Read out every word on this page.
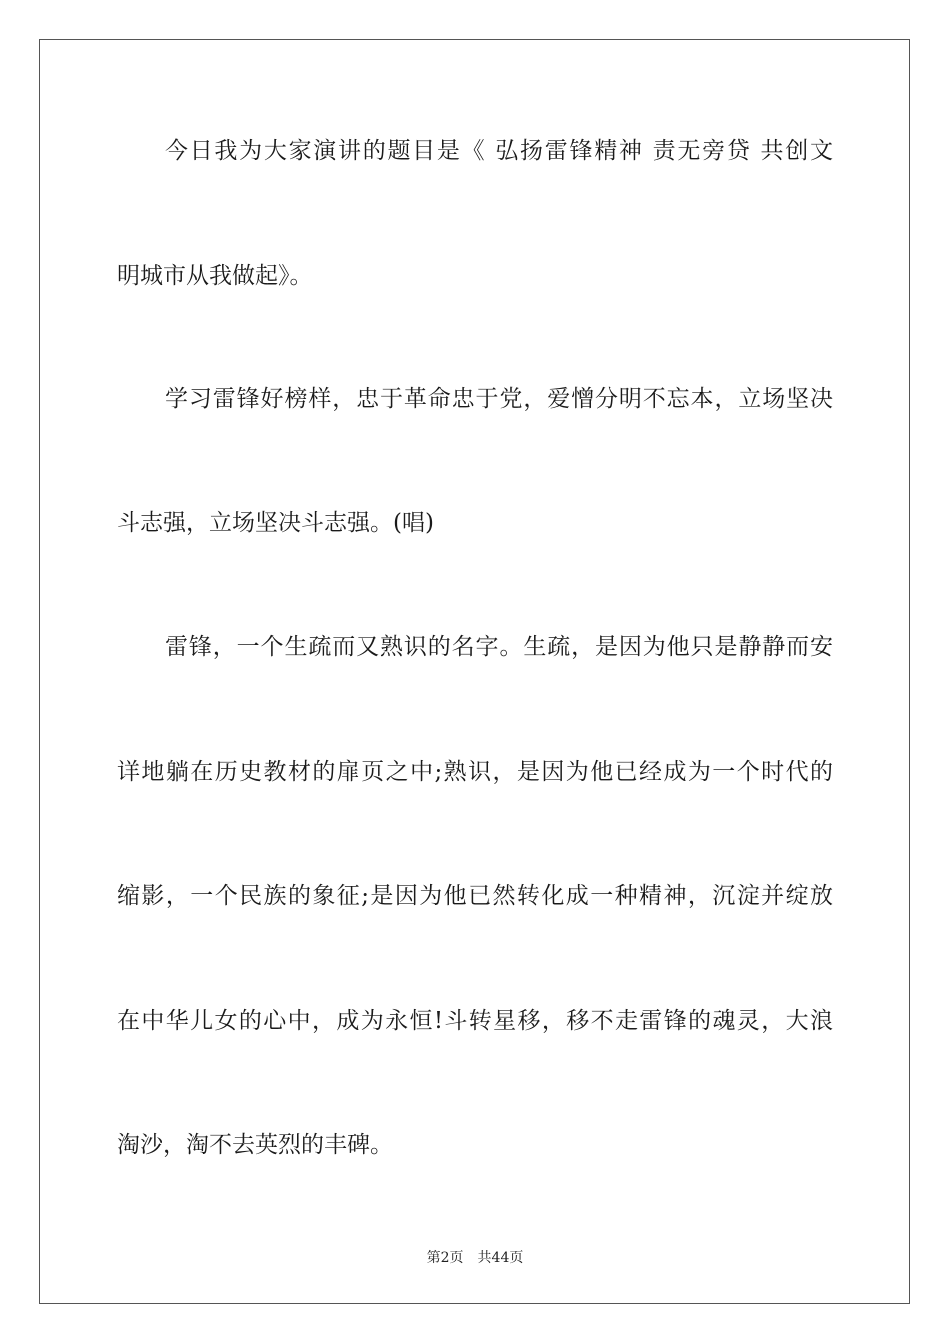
今日我为大家演讲的题目是《 弘扬雷锋精神 责无旁贷 共创文
明城市从我做起》。
学习雷锋好榜样，忠于革命忠于党，爱憎分明不忘本，立场坚决
斗志强，立场坚决斗志强。(唱)
雷锋，一个生疏而又熟识的名字。生疏，是因为他只是静静而安
详地躺在历史教材的扉页之中;熟识，是因为他已经成为一个时代的
缩影，一个民族的象征;是因为他已然转化成一种精神，沉淀并绽放
在中华儿女的心中，成为永恒!斗转星移，移不走雷锋的魂灵，大浪
淘沙，淘不去英烈的丰碑。
第2页 共44页
